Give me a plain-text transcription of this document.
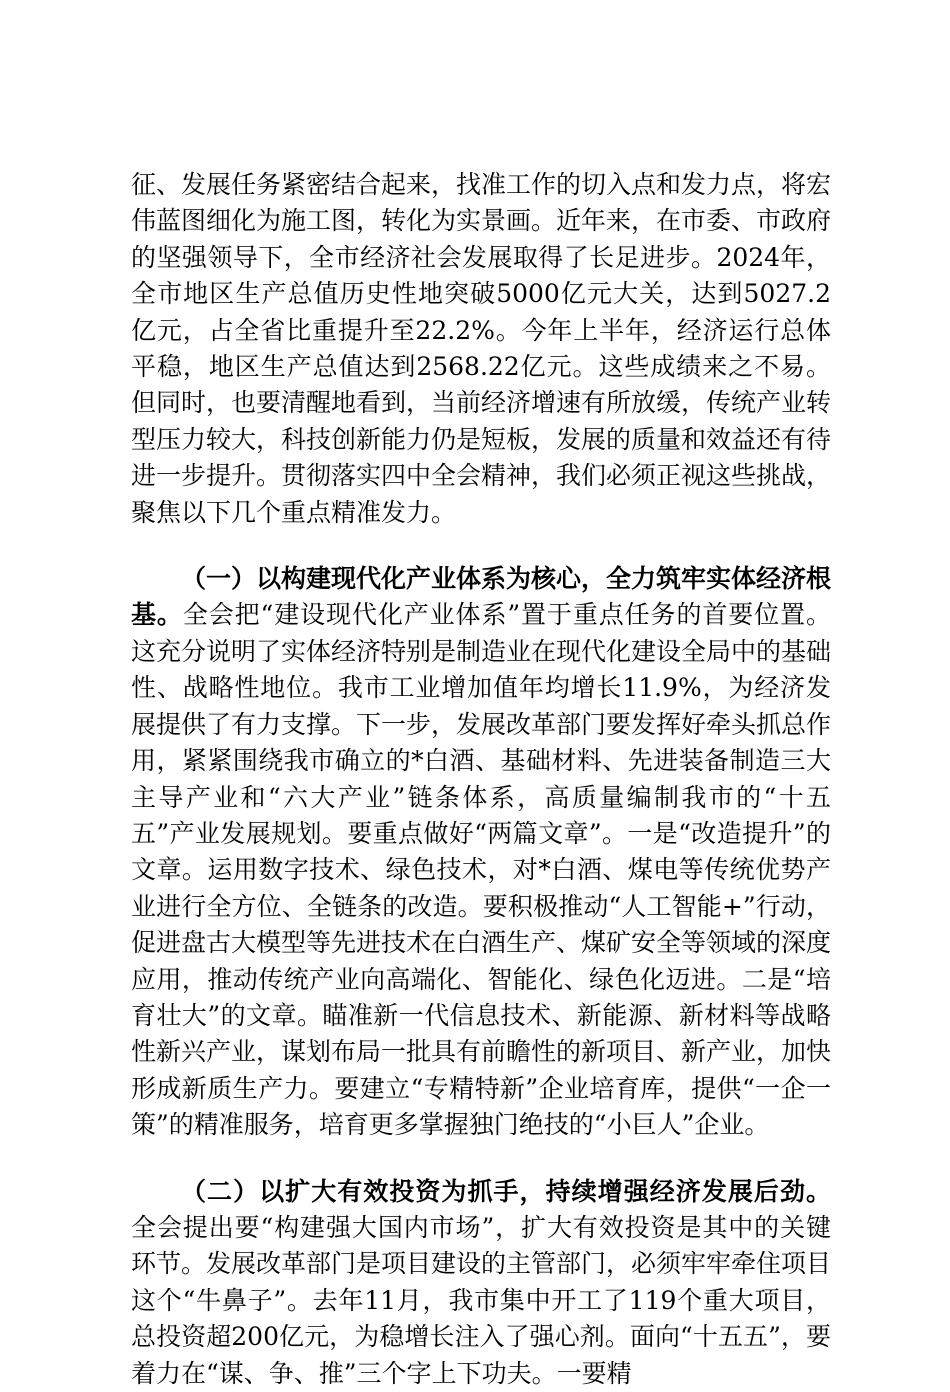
征、发展任务紧密结合起来，找准工作的切入点和发力点，将宏伟蓝图细化为施工图，转化为实景画。近年来，在市委、市政府的坚强领导下，全市经济社会发展取得了长足进步。2024年，全市地区生产总值历史性地突破5000亿元大关，达到5027.2亿元，占全省比重提升至22.2%。今年上半年，经济运行总体平稳，地区生产总值达到2568.22亿元。这些成绩来之不易。但同时，也要清醒地看到，当前经济增速有所放缓，传统产业转型压力较大，科技创新能力仍是短板，发展的质量和效益还有待进一步提升。贯彻落实四中全会精神，我们必须正视这些挑战，聚焦以下几个重点精准发力。

（一）以构建现代化产业体系为核心，全力筑牢实体经济根基。全会把“建设现代化产业体系”置于重点任务的首要位置。这充分说明了实体经济特别是制造业在现代化建设全局中的基础性、战略性地位。我市工业增加值年均增长11.9%，为经济发展提供了有力支撑。下一步，发展改革部门要发挥好牵头抓总作用，紧紧围绕我市确立的*白酒、基础材料、先进装备制造三大主导产业和“六大产业”链条体系，高质量编制我市的“十五五”产业发展规划。要重点做好“两篇文章”。一是“改造提升”的文章。运用数字技术、绿色技术，对*白酒、煤电等传统优势产业进行全方位、全链条的改造。要积极推动“人工智能+”行动，促进盘古大模型等先进技术在白酒生产、煤矿安全等领域的深度应用，推动传统产业向高端化、智能化、绿色化迈进。二是“培育壮大”的文章。瞄准新一代信息技术、新能源、新材料等战略性新兴产业，谋划布局一批具有前瞻性的新项目、新产业，加快形成新质生产力。要建立“专精特新”企业培育库，提供“一企一策”的精准服务，培育更多掌握独门绝技的“小巨人”企业。

（二）以扩大有效投资为抓手，持续增强经济发展后劲。全会提出要“构建强大国内市场”，扩大有效投资是其中的关键环节。发展改革部门是项目建设的主管部门，必须牢牢牵住项目这个“牛鼻子”。去年11月，我市集中开工了119个重大项目，总投资超200亿元，为稳增长注入了强心剂。面向“十五五”，要着力在“谋、争、推”三个字上下功夫。一要精
